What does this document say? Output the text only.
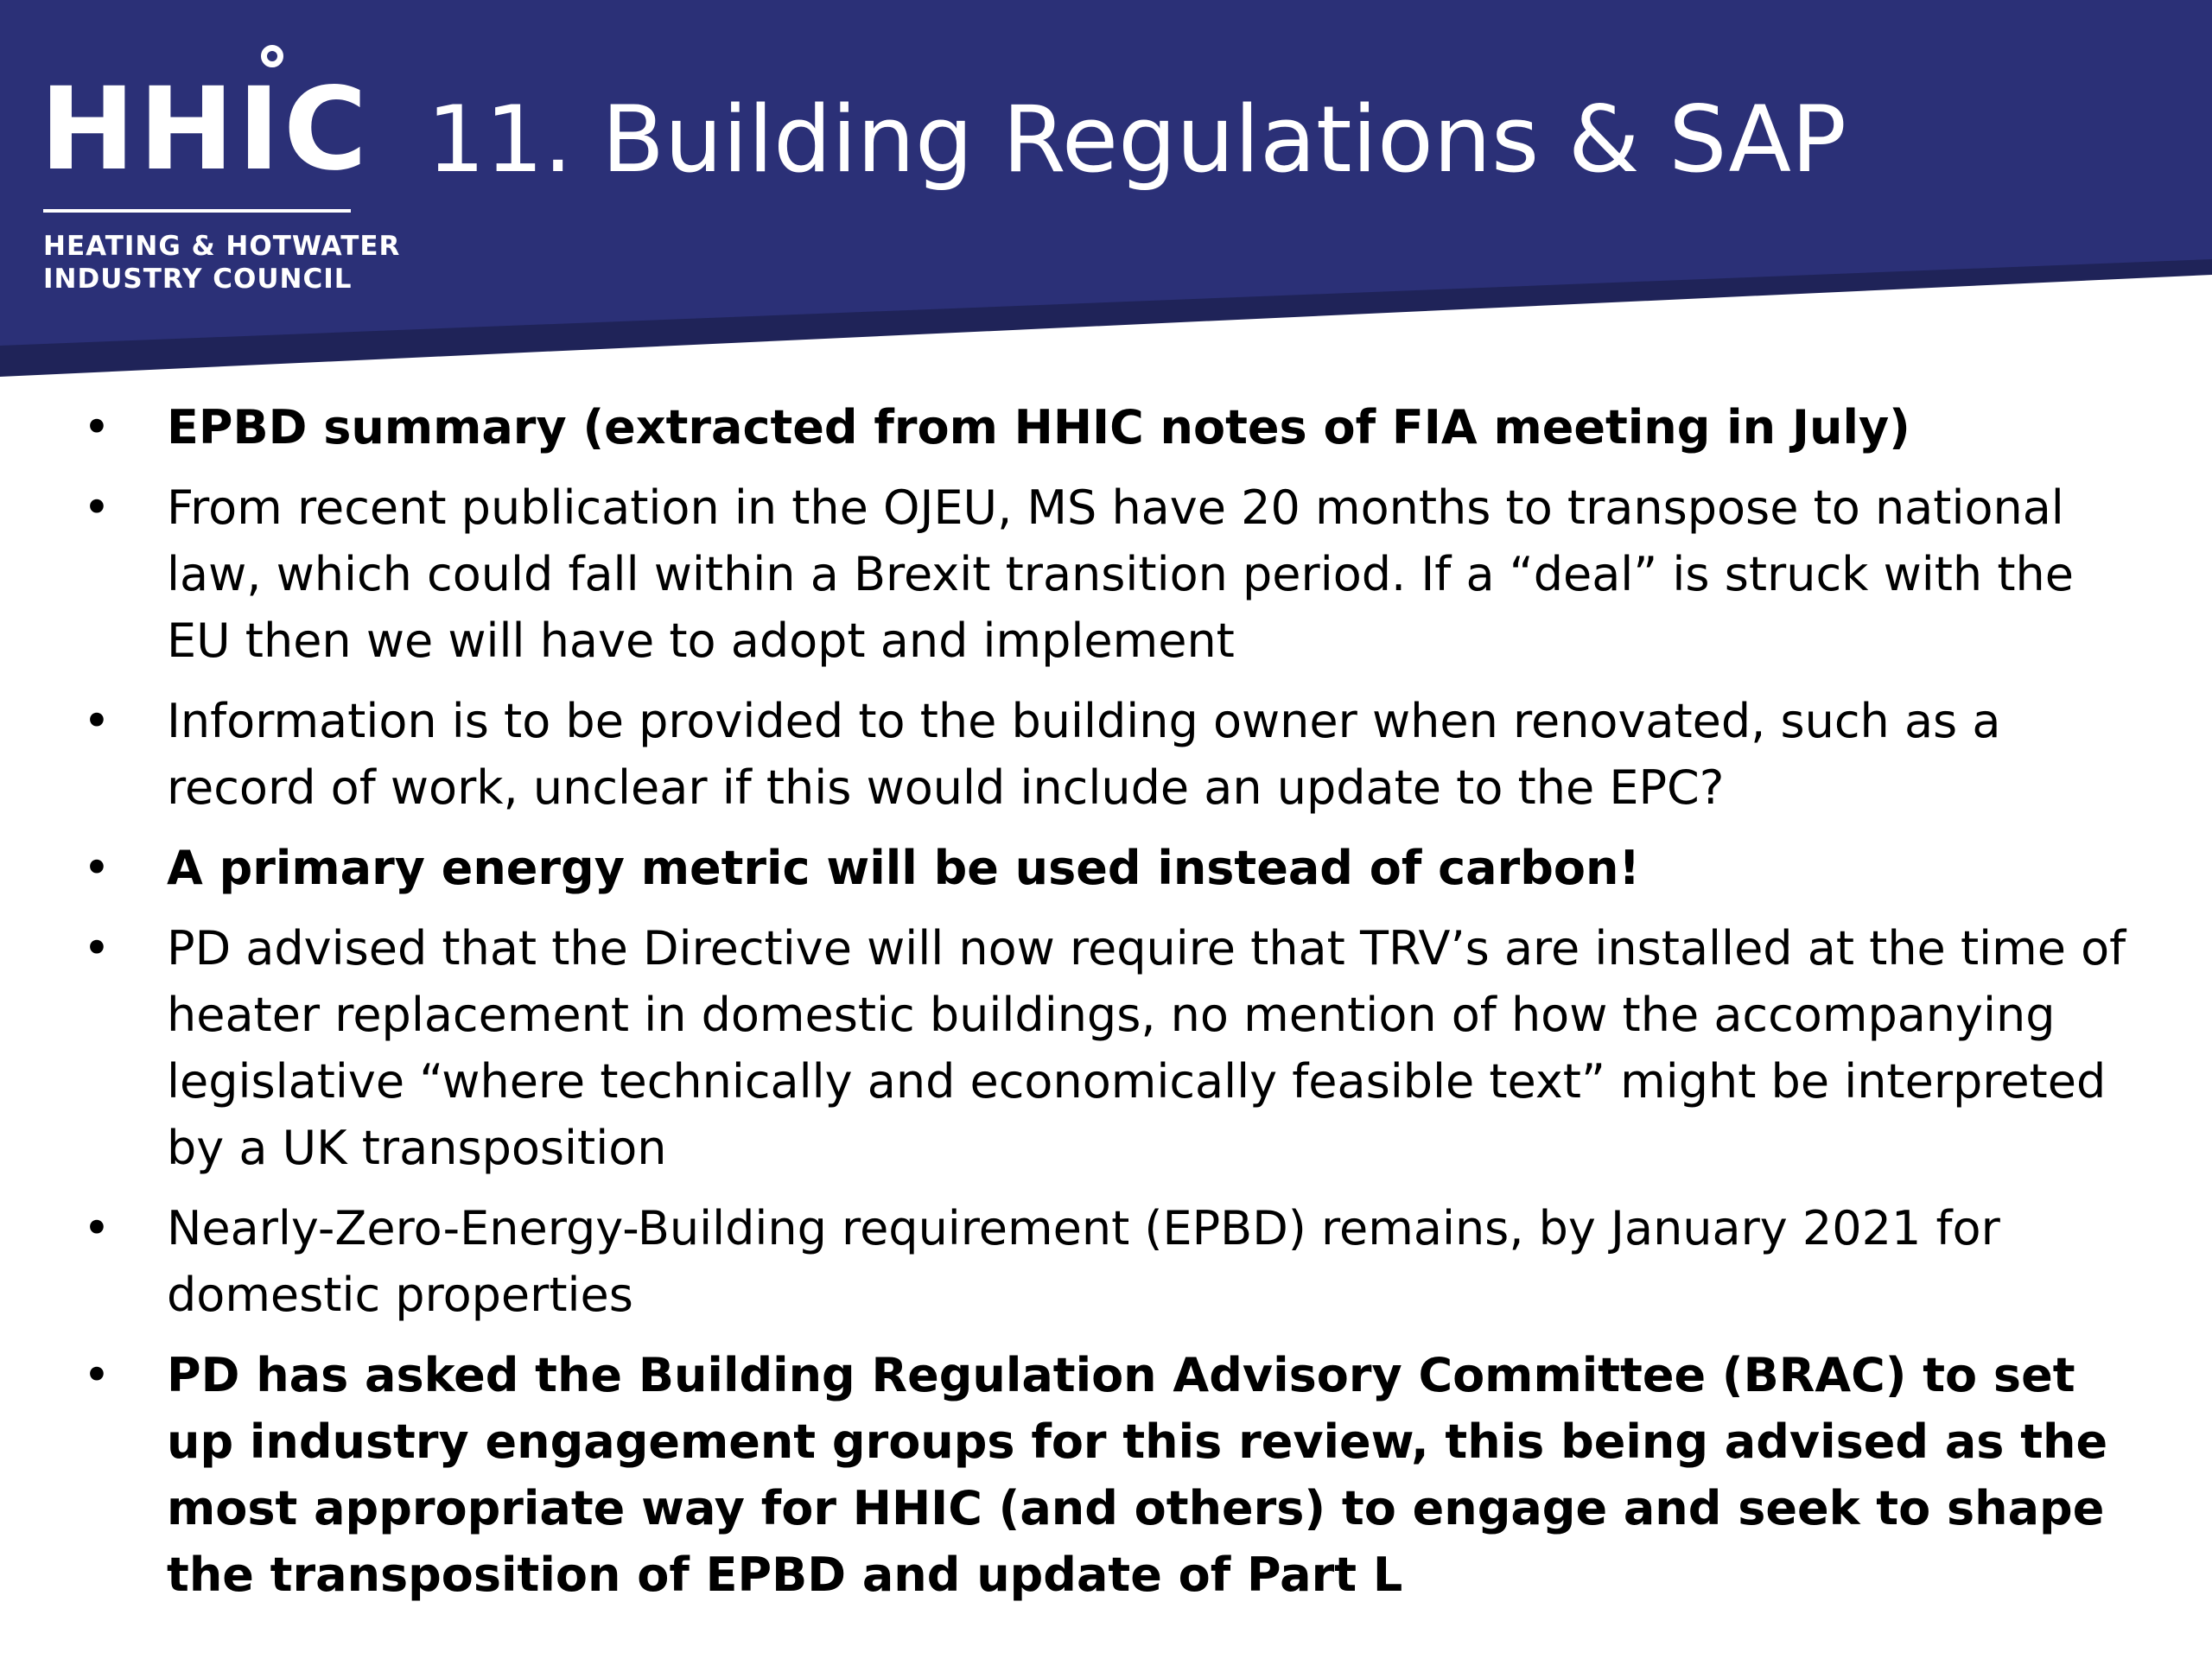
HHIC
HEATING & HOTWATER
INDUSTRY COUNCIL
11. Building Regulations & SAP
• EPBD summary (extracted from HHIC notes of FIA meeting in July)
• From recent publication in the OJEU, MS have 20 months to transpose to national law, which could fall within a Brexit transition period. If a “deal” is struck with the EU then we will have to adopt and implement
• Information is to be provided to the building owner when renovated, such as a record of work, unclear if this would include an update to the EPC?
• A primary energy metric will be used instead of carbon!
• PD advised that the Directive will now require that TRV’s are installed at the time of heater replacement in domestic buildings, no mention of how the accompanying legislative “where technically and economically feasible text” might be interpreted by a UK transposition
• Nearly-Zero-Energy-Building requirement (EPBD) remains, by January 2021 for domestic properties
• PD has asked the Building Regulation Advisory Committee (BRAC) to set up industry engagement groups for this review, this being advised as the most appropriate way for HHIC (and others) to engage and seek to shape the transposition of EPBD and update of Part L
